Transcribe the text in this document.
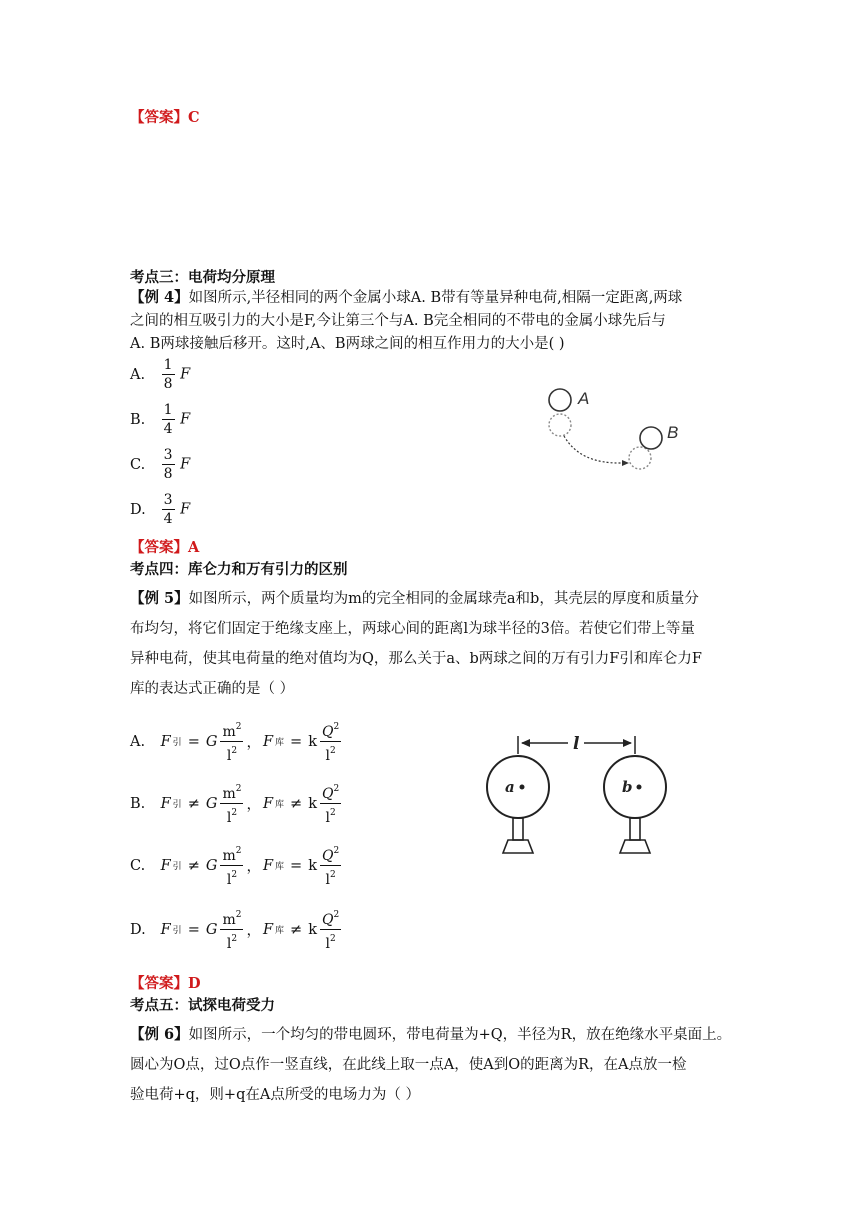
【答案】C
考点三：电荷均分原理
【例 4】如图所示,半径相同的两个金属小球A. B带有等量异种电荷,相隔一定距离,两球
之间的相互吸引力的大小是F,今让第三个与A. B完全相同的不带电的金属小球先后与
A. B两球接触后移开。这时,A、B两球之间的相互作用力的大小是( )
A. $\frac{1}{8}$ F
B. $\frac{1}{4}$ F
C. $\frac{3}{8}$ F
D. $\frac{3}{4}$ F
A
B
【答案】A
考点四：库仑力和万有引力的区别
【例 5】如图所示，两个质量均为m的完全相同的金属球壳a和b，其壳层的厚度和质量分
布均匀，将它们固定于绝缘支座上，两球心间的距离l为球半径的3倍。若使它们带上等量
异种电荷，使其电荷量的绝对值均为Q，那么关于a、b两球之间的万有引力F引和库仑力F
库的表达式正确的是（ ）
A. F 引 = G $\frac{m^2}{l^2}$ ， F 库 = k $\frac{Q^2}{l^2}$
B. F 引 ≠ G $\frac{m^2}{l^2}$ ， F 库 ≠ k $\frac{Q^2}{l^2}$
C. F 引 ≠ G $\frac{m^2}{l^2}$ ， F 库 = k $\frac{Q^2}{l^2}$
D. F 引 = G $\frac{m^2}{l^2}$ ， F 库 ≠ k $\frac{Q^2}{l^2}$
l
a	b
【答案】D
考点五：试探电荷受力
【例 6】如图所示，一个均匀的带电圆环，带电荷量为+Q，半径为R，放在绝缘水平桌面上。
圆心为O点，过O点作一竖直线，在此线上取一点A，使A到O的距离为R，在A点放一检
验电荷+q，则+q在A点所受的电场力为（ ）
